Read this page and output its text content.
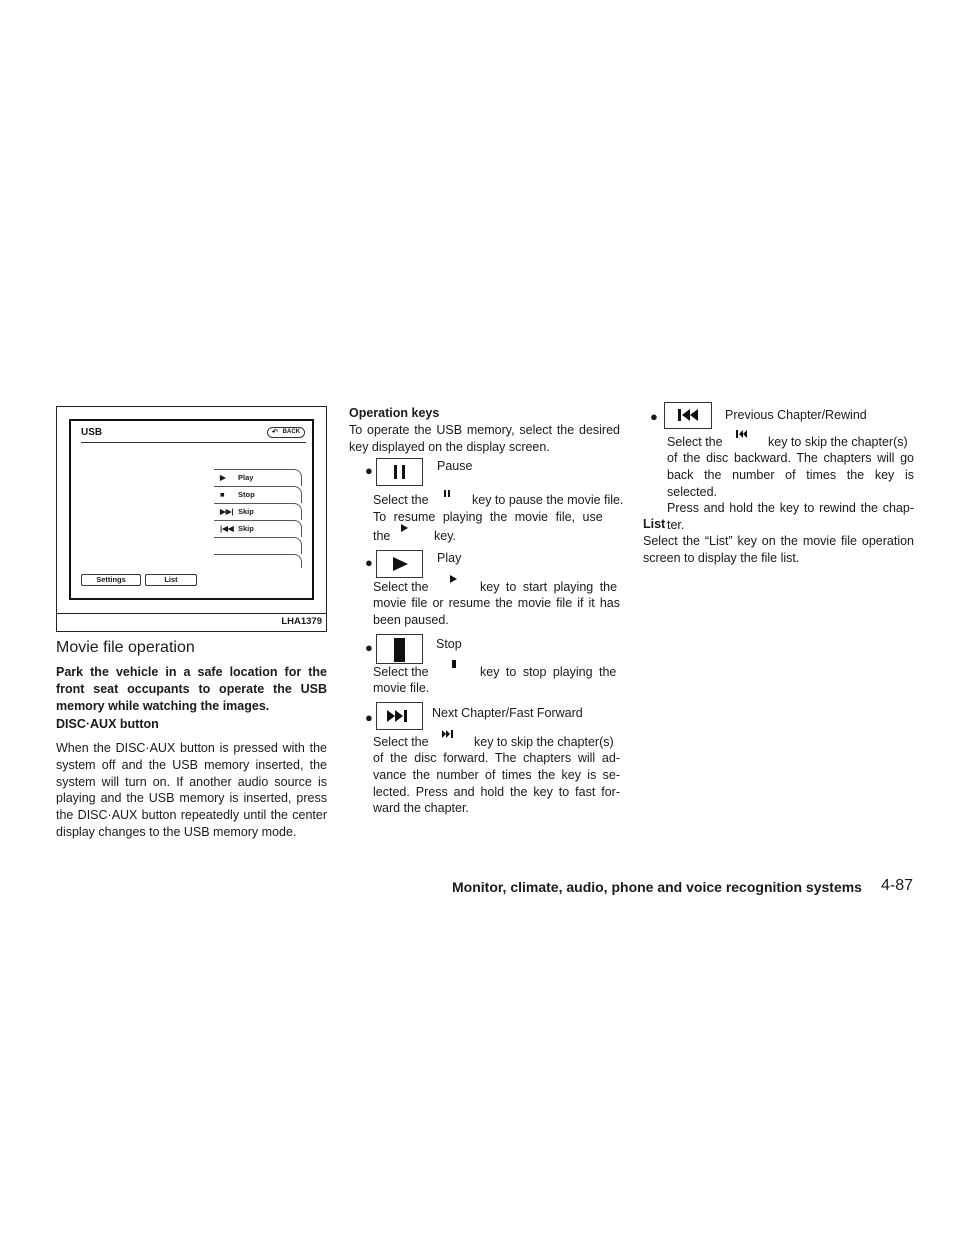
USB	↶ BACK
▶ Play
■ Stop
▶▶| Skip
|◀◀ Skip
Settings	List
LHA1379
Movie file operation

Park the vehicle in a safe location for the front seat occupants to operate the USB memory while watching the images.

DISC·AUX button

When the DISC·AUX button is pressed with the system off and the USB memory inserted, the system will turn on. If another audio source is playing and the USB memory is inserted, press the DISC·AUX button repeatedly until the center display changes to the USB memory mode.

Operation keys

To operate the USB memory, select the desired key displayed on the display screen.

●	Pause
Select the	key to pause the movie file.
To resume playing the movie file, use
the	key.
●	Play
Select the	key to start playing the

movie file or resume the movie file if it has been paused.

●	Stop
Select the	key to stop playing the

movie file.

●	Next Chapter/Fast Forward
Select the	key to skip the chapter(s)
of the disc forward. The chapters will ad-
vance the number of times the key is se-
lected. Press and hold the key to fast for-
ward the chapter.
●	Previous Chapter/Rewind
Select the	key to skip the chapter(s)
of the disc backward. The chapters will go
back the number of times the key is selected.
Press and hold the key to rewind the chap-
ter.
List

Select the “List” key on the movie file operation screen to display the file list.

Monitor, climate, audio, phone and voice recognition systems 4-87
